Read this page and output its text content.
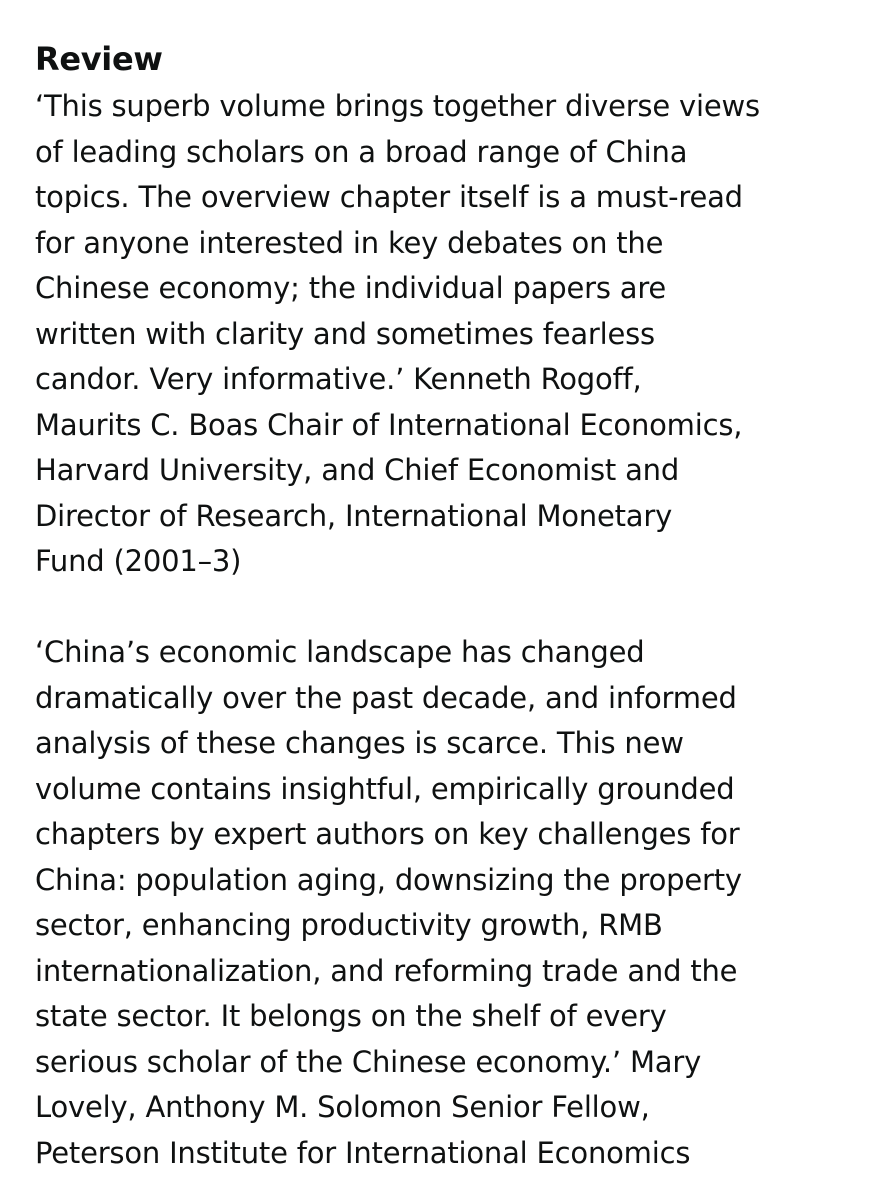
Review
‘This superb volume brings together diverse views
of leading scholars on a broad range of China
topics. The overview chapter itself is a must-read
for anyone interested in key debates on the
Chinese economy; the individual papers are
written with clarity and sometimes fearless
candor. Very informative.’ Kenneth Rogoff,
Maurits C. Boas Chair of International Economics,
Harvard University, and Chief Economist and
Director of Research, International Monetary
Fund (2001–3)
‘China’s economic landscape has changed
dramatically over the past decade, and informed
analysis of these changes is scarce. This new
volume contains insightful, empirically grounded
chapters by expert authors on key challenges for
China: population aging, downsizing the property
sector, enhancing productivity growth, RMB
internationalization, and reforming trade and the
state sector. It belongs on the shelf of every
serious scholar of the Chinese economy.’ Mary
Lovely, Anthony M. Solomon Senior Fellow,
Peterson Institute for International Economics
